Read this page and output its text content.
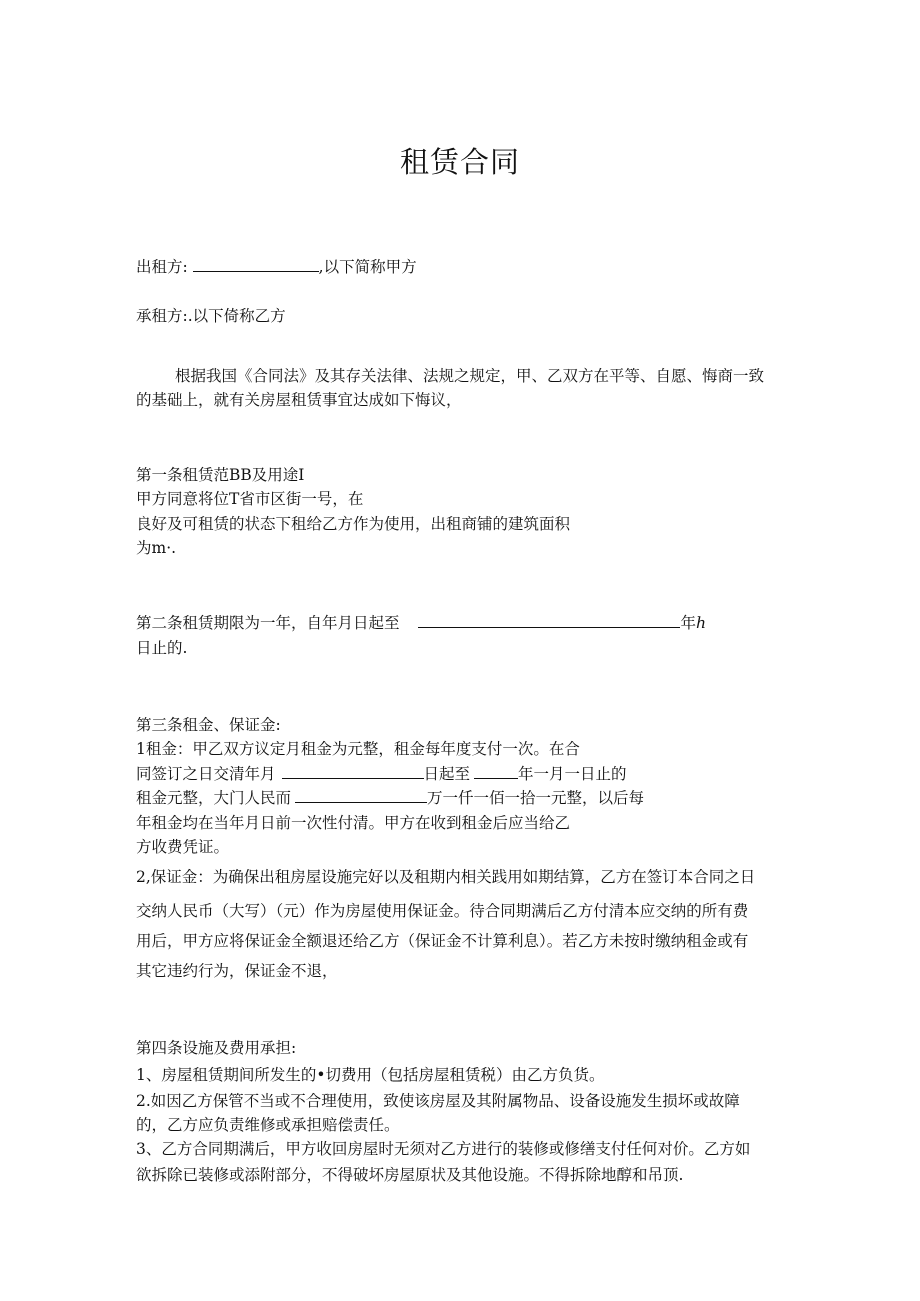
租赁合同
出租方:	,以下简称甲方
承租方:.以下倚称乙方
根据我国《合同法》及其存关法律、法规之规定，甲、乙双方在平等、自愿、悔商一致
的基础上，就有关房屋租赁事宜达成如下悔议，
第一条租赁范BB及用途I
甲方同意将位T省市区街一号，在
良好及可租赁的状态下租给乙方作为使用，出租商铺的建筑面积
为m·.
第二条租赁期限为一年，自年月日起至	年ℎ
日止的.
第三条租金、保证金:
1租金：甲乙双方议定月租金为元整，租金每年度支付一次。在合
同签订之日交清年月	日起至	年一月一日止的
租金元整，大门人民而	万一仟一佰一拾一元整，以后每
年租金均在当年月日前一次性付清。甲方在收到租金后应当给乙
方收费凭证。
2,保证金：为确保出租房屋设施完好以及租期内相关践用如期结算，乙方在签订本合同之日
交纳人民币（大写）（元）作为房屋使用保证金。待合同期满后乙方付清本应交纳的所有费
用后，甲方应将保证金全额退还给乙方（保证金不计算利息）。若乙方未按时缴纳租金或有
其它违约行为，保证金不退，
第四条设施及费用承担:
1、房屋租赁期间所发生的•切费用（包括房屋租赁税）由乙方负货。
2.如因乙方保管不当或不合理使用，致使该房屋及其附属物品、设备设施发生损坏或故障
的，乙方应负责维修或承担赔偿责任。
3、乙方合同期满后，甲方收回房屋时无须对乙方进行的装修或修缮支付任何对价。乙方如
欲拆除已装修或添附部分，不得破坏房屋原状及其他设施。不得拆除地醇和吊顶.
